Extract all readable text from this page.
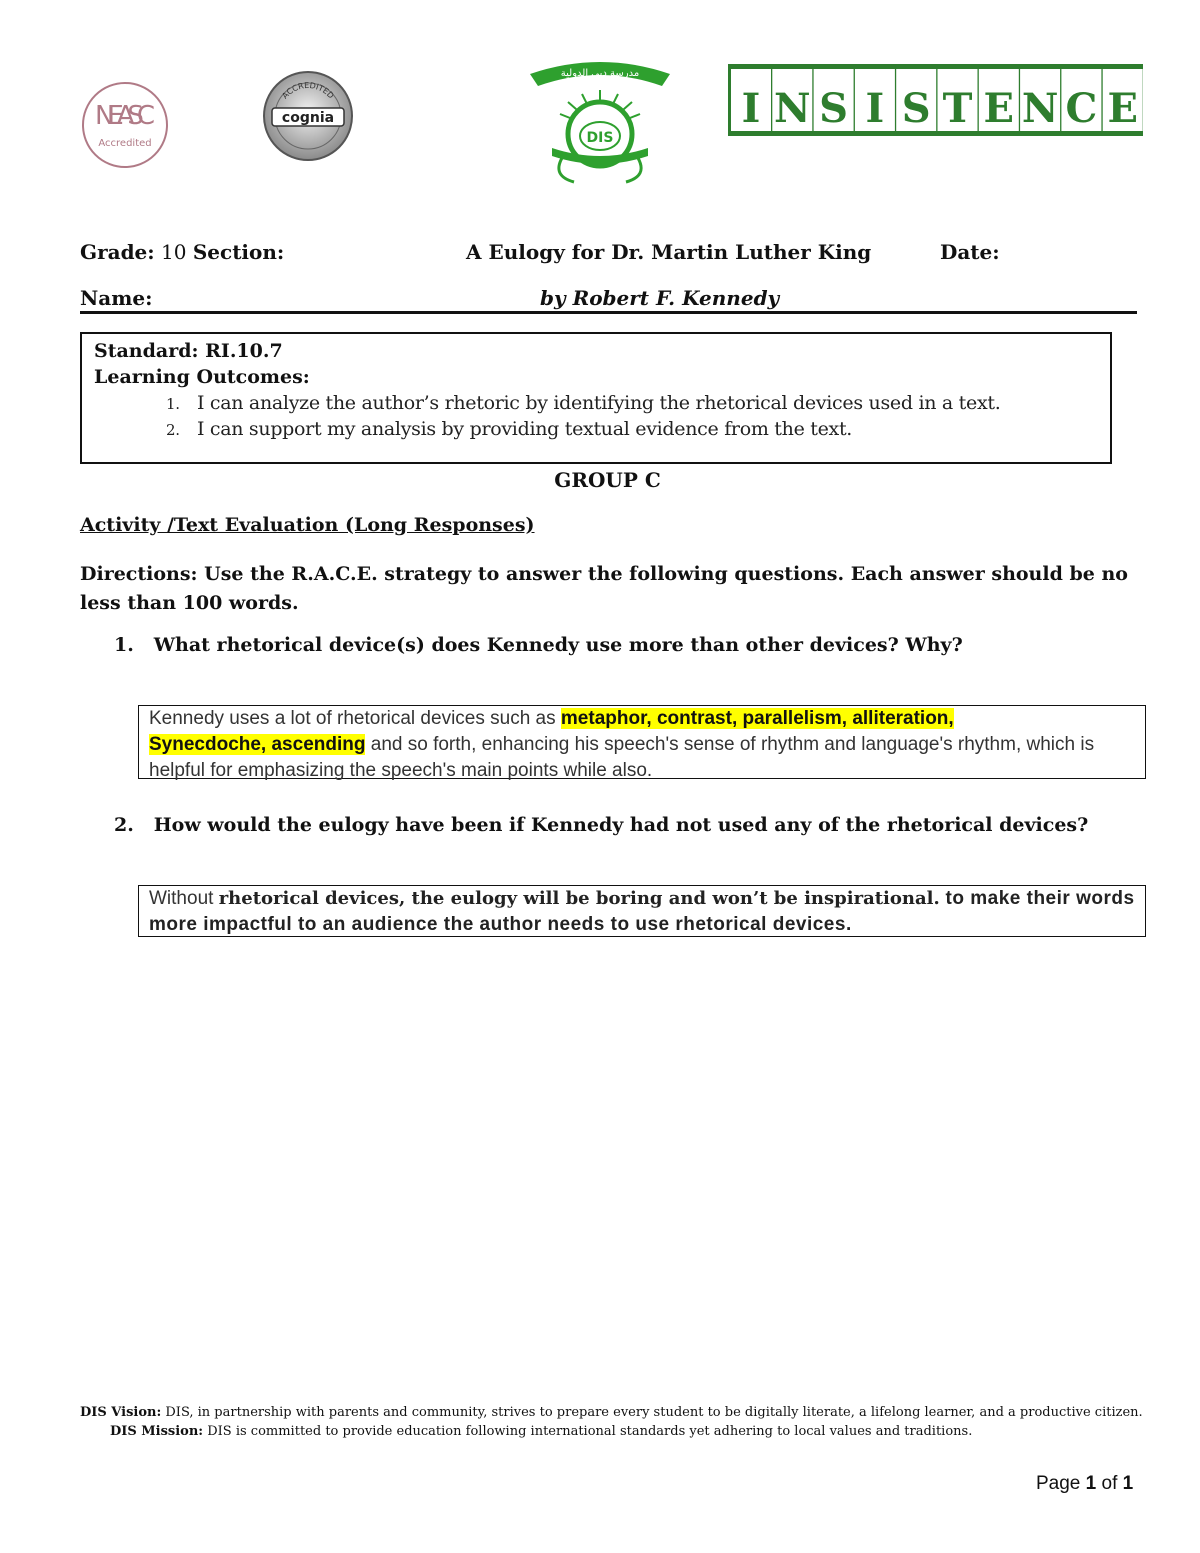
NEASC
Accredited
ACCREDITED
cognia
مدرسة دبي الدولية
DIS
I N S I S T E N C E
Grade: 10 Section:	A Eulogy for Dr. Martin Luther King	Date:
Name:	by Robert F. Kennedy
Standard: RI.10.7
Learning Outcomes:
1. I can analyze the author’s rhetoric by identifying the rhetorical devices used in a text.
2. I can support my analysis by providing textual evidence from the text.
GROUP C
Activity /Text Evaluation (Long Responses)
Directions: Use the R.A.C.E. strategy to answer the following questions. Each answer should be no less than 100 words.
1. What rhetorical device(s) does Kennedy use more than other devices? Why?
Kennedy uses a lot of rhetorical devices such as metaphor, contrast, parallelism, alliteration,
Synecdoche, ascending and so forth, enhancing his speech's sense of rhythm and language's rhythm, which is helpful for emphasizing the speech's main points while also.
2. How would the eulogy have been if Kennedy had not used any of the rhetorical devices?
Without rhetorical devices, the eulogy will be boring and won’t be inspirational. to make their words more impactful to an audience the author needs to use rhetorical devices.
DIS Vision: DIS, in partnership with parents and community, strives to prepare every student to be digitally literate, a lifelong learner, and a productive citizen.
DIS Mission: DIS is committed to provide education following international standards yet adhering to local values and traditions.
Page 1 of 1
